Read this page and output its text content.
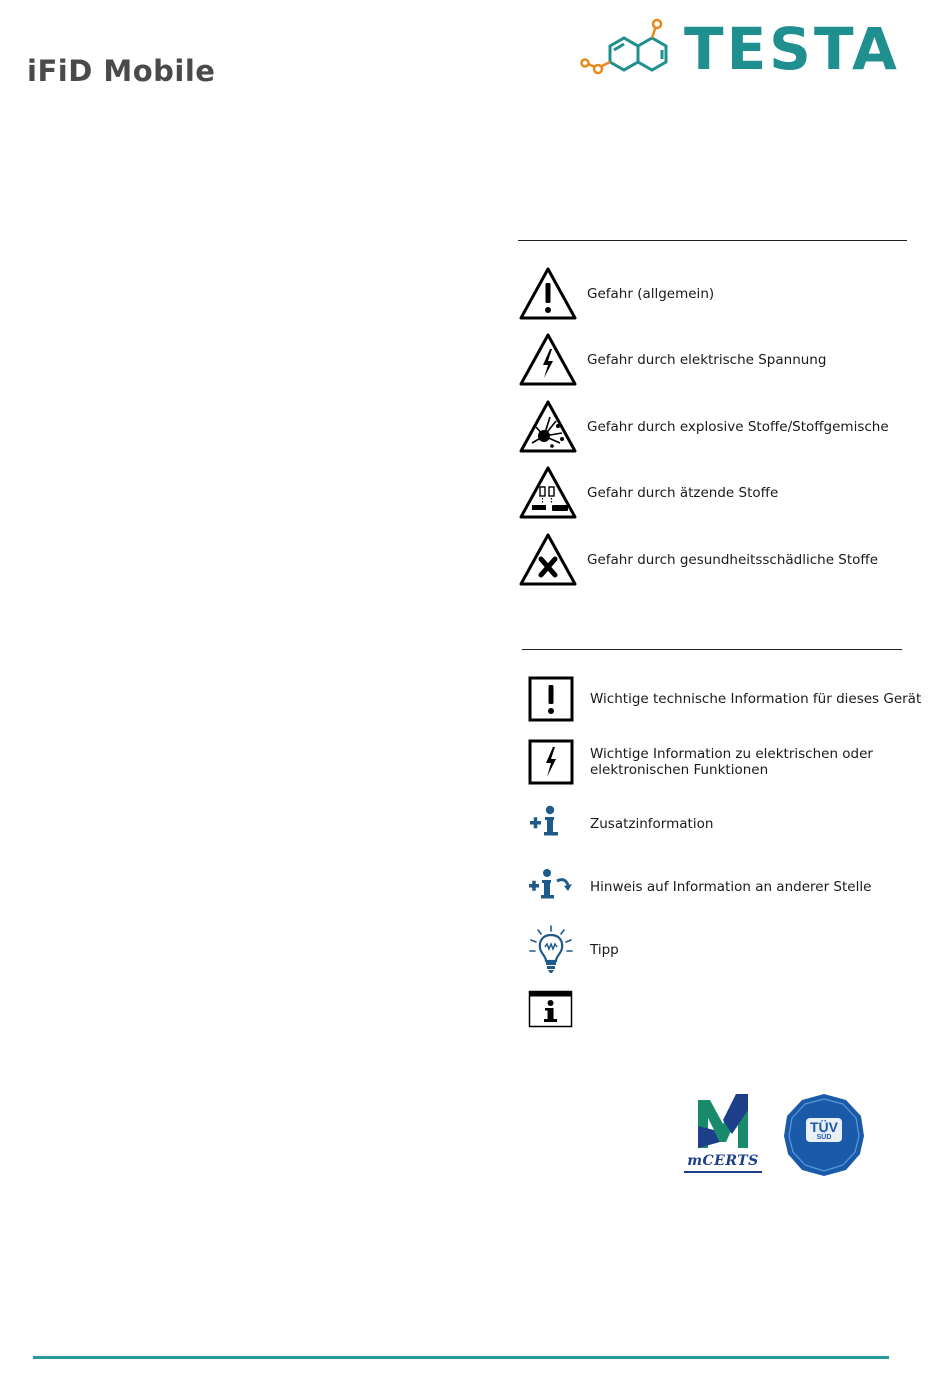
iFiD Mobile	TESTA
Gefahr (allgemein)
Gefahr durch elektrische Spannung
Gefahr durch explosive Stoffe/Stoffgemische
Gefahr durch ätzende Stoffe
Gefahr durch gesundheitsschädliche Stoffe
Wichtige technische Information für dieses Gerät
Wichtige Information zu elektrischen oder elektronischen Funktionen
Zusatzinformation
Hinweis auf Information an anderer Stelle
Tipp
mCERTS
TÜV
SÜD
